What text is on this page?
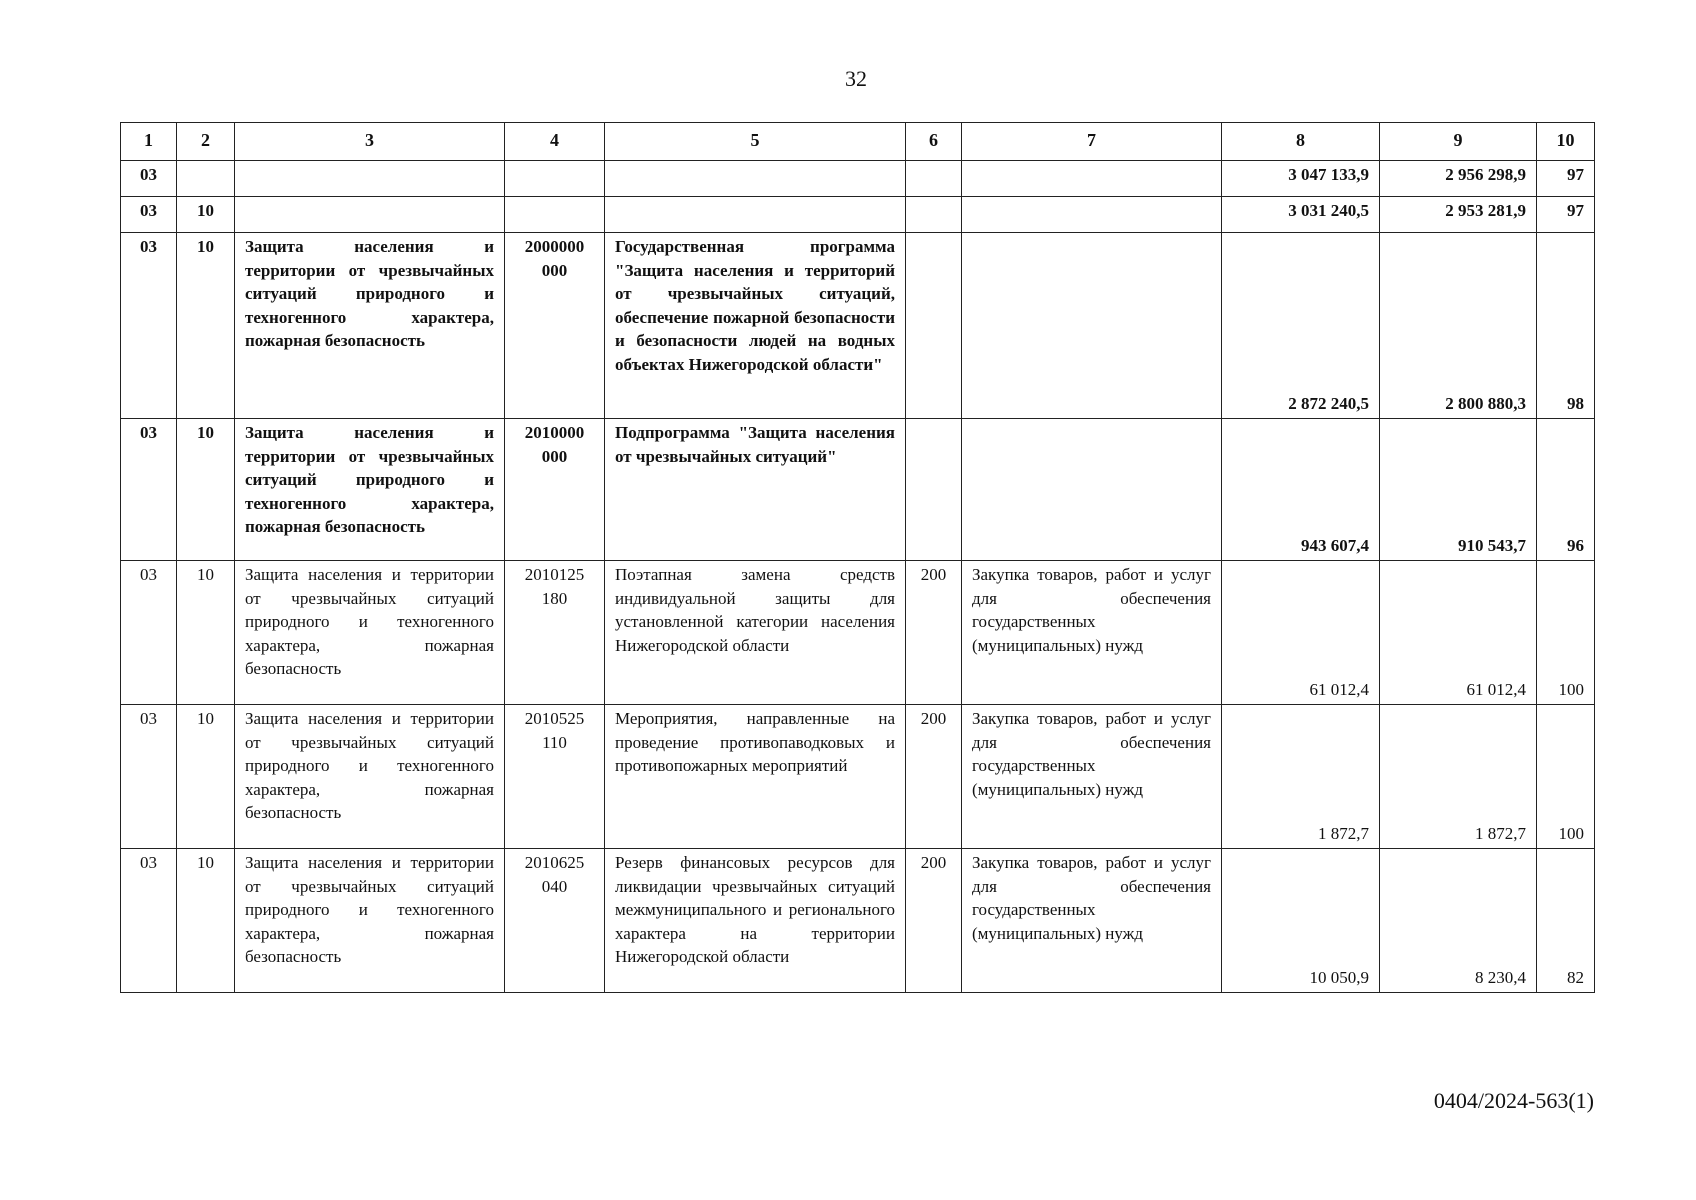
32
1	2	3	4	5	6	7	8	9	10
03							3 047 133,9	2 956 298,9	97
03	10						3 031 240,5	2 953 281,9	97
03	10	Защита населения и территории от чрезвычайных ситуаций природного и техногенного характера, пожарная безопасность	2000000 000	Государственная программа "Защита населения и территорий от чрезвычайных ситуаций, обеспечение пожарной безопасности и безопасности людей на водных объектах Нижегородской области"			2 872 240,5	2 800 880,3	98
03	10	Защита населения и территории от чрезвычайных ситуаций природного и техногенного характера, пожарная безопасность	2010000 000	Подпрограмма "Защита населения от чрезвычайных ситуаций"			943 607,4	910 543,7	96
03	10	Защита населения и территории от чрезвычайных ситуаций природного и техногенного характера, пожарная безопасность	2010125 180	Поэтапная замена средств индивидуальной защиты для установленной категории населения Нижегородской области	200	Закупка товаров, работ и услуг для обеспечения государственных (муниципальных) нужд	61 012,4	61 012,4	100
03	10	Защита населения и территории от чрезвычайных ситуаций природного и техногенного характера, пожарная безопасность	2010525 110	Мероприятия, направленные на проведение противопаводковых и противопожарных мероприятий	200	Закупка товаров, работ и услуг для обеспечения государственных (муниципальных) нужд	1 872,7	1 872,7	100
03	10	Защита населения и территории от чрезвычайных ситуаций природного и техногенного характера, пожарная безопасность	2010625 040	Резерв финансовых ресурсов для ликвидации чрезвычайных ситуаций межмуниципального и регионального характера на территории Нижегородской области	200	Закупка товаров, работ и услуг для обеспечения государственных (муниципальных) нужд	10 050,9	8 230,4	82
0404/2024-563(1)
